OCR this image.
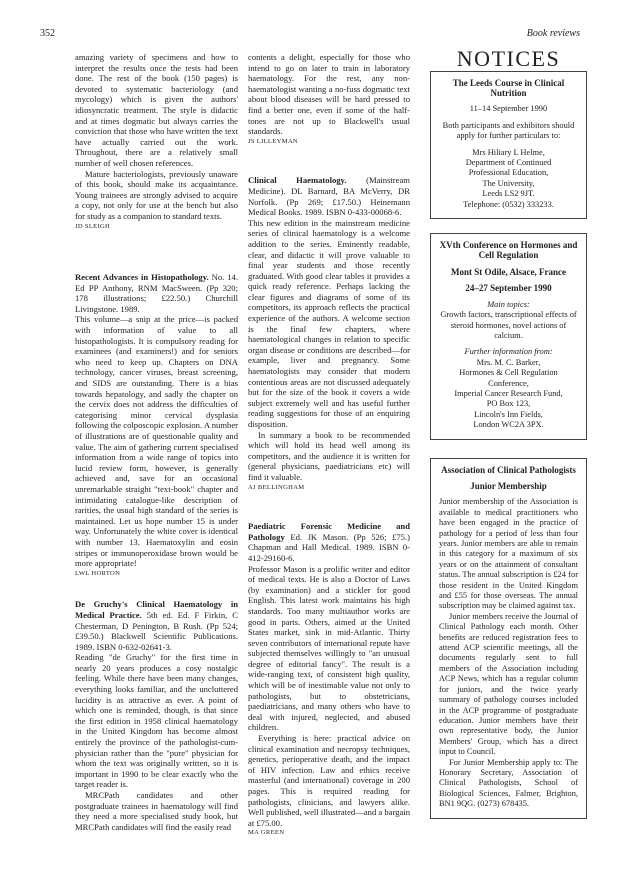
352	Book reviews

amazing variety of specimens and how to interpret the results once the tests had been done. The rest of the book (150 pages) is devoted to systematic bacteriology (and mycology) which is given the authors' idiosyncratic treatment. The style is didactic and at times dogmatic but always carries the conviction that those who have written the text have actually carried out the work. Throughout, there are a relatively small number of well chosen references.

Mature bacteriologists, previously unaware of this book, should make its acquaintance. Young trainees are strongly advised to acquire a copy, not only for use at the bench but also for study as a companion to standard texts.

JD SLEIGH

Recent Advances in Histopathology. No. 14. Ed PP Anthony, RNM MacSween. (Pp 320; 178 illustrations; £22.50.) Churchill Livingstone. 1989.

This volume—a snip at the price—is packed with information of value to all histopathologists. It is compulsory reading for examinees (and examiners!) and for seniors who need to keep up. Chapters on DNA technology, cancer viruses, breast screening, and SIDS are outstanding. There is a bias towards hepatology, and sadly the chapter on the cervix does not address the difficulties of categorising minor cervical dysplasia following the colposcopic explosion. A number of illustrations are of questionable quality and value. The aim of gathering current specialised information from a wide range of topics into lucid review form, however, is generally achieved and, save for an occasional unremarkable straight "text-book" chapter and intimidating catalogue-like description of rarities, the usual high standard of the series is maintained. Let us hope number 15 is under way. Unfortunately the white cover is identical with number 13. Haematoxylin and eosin stripes or immunoperoxidase brown would be more appropriate!

LWL HORTON

De Gruchy's Clinical Haematology in Medical Practice. 5th ed. Ed. F Firkin, C Chesterman, D Penington, B Rush. (Pp 524; £39.50.) Blackwell Scientific Publications. 1989. ISBN 0-632-02641-3.

Reading "de Gruchy" for the first time in nearly 20 years produces a cosy nostalgic feeling. While there have been many changes, everything looks familiar, and the uncluttered lucidity is as attractive as ever. A point of which one is reminded, though, is that since the first edition in 1958 clinical haematology in the United Kingdom has become almost entirely the province of the pathologist-cum-physician rather than the "pure" physician for whom the text was originally written, so it is important in 1990 to be clear exactly who the target reader is.

MRCPath candidates and other postgraduate trainees in haematology will find they need a more specialised study book, but MRCPath candidates will find the easily read

contents a delight, especially for those who intend to go on later to train in laboratory haematology. For the rest, any non-haematologist wanting a no-fuss dogmatic text about blood diseases will be hard pressed to find a better one, even if some of the half-tones are not up to Blackwell's usual standards.

JS LILLEYMAN

Clinical Haematology. (Mainstream Medicine). DL Barnard, BA McVerry, DR Norfolk. (Pp 269; £17.50.) Heinemann Medical Books. 1989. ISBN 0-433-00068-6.

This new edition in the mainstream medicine series of clinical haematology is a welcome addition to the series. Eminently readable, clear, and didactic it will prove valuable to final year students and those recently graduated. With good clear tables it provides a quick ready reference. Perhaps lacking the clear figures and diagrams of some of its competitors, its approach reflects the practical experience of the authors. A welcome section is the final few chapters, where haematological changes in relation to specific organ disease or conditions are described—for example, liver and pregnancy. Some haematologists may consider that modern contentious areas are not discussed adequately but for the size of the book it covers a wide subject extremely well and has useful further reading suggestions for those of an enquiring disposition.

In summary a book to be recommended which will hold its head well among its competitors, and the audience it is written for (general physicians, paediatricians etc) will find it valuable.

AJ BELLINGHAM

Paediatric Forensic Medicine and Pathology Ed. JK Mason. (Pp 526; £75.) Chapman and Hall Medical. 1989. ISBN 0-412-29160-6.

Professor Mason is a prolific writer and editor of medical texts. He is also a Doctor of Laws (by examination) and a stickler for good English. This latest work maintains his high standards. Too many multiauthor works are good in parts. Others, aimed at the United States market, sink in mid-Atlantic. Thirty seven contributors of international repute have subjected themselves willingly to "an unusual degree of editorial fancy". The result is a wide-ranging text, of consistent high quality, which will be of inestimable value not only to pathologists, but to obstetricians, paediatricians, and many others who have to deal with injured, neglected, and abused children.

Everything is here: practical advice on clinical examination and necropsy techniques, genetics, perioperative death, and the impact of HIV infection. Law and ethics receive masterful (and international) coverage in 200 pages. This is required reading for pathologists, clinicians, and lawyers alike. Well published, well illustrated—and a bargain at £75.00.

MA GREEN

NOTICES
The Leeds Course in Clinical Nutrition
11–14 September 1990
Both participants and exhibitors should apply for further particulars to:
Mrs Hiliary L Helme,
Department of Continued
Professional Education,
The University,
Leeds LS2 9JT.
Telephone: (0532) 333233.
XVth Conference on Hormones and Cell Regulation
Mont St Odile, Alsace, France
24–27 September 1990
Main topics:
Growth factors, transcriptional effects of steroid hormones, novel actions of calcium.
Further information from:
Mrs. M. C. Barker,
Hormones & Cell Regulation
Conference,
Imperial Cancer Research Fund,
PO Box 123,
Lincoln's Inn Fields,
London WC2A 3PX.
Association of Clinical Pathologists
Junior Membership

Junior membership of the Association is available to medical practitioners who have been engaged in the practice of pathology for a period of less than four years. Junior members are able to remain in this category for a maximum of six years or on the attainment of consultant status. The annual subscription is £24 for those resident in the United Kingdom and £55 for those overseas. The annual subscription may be claimed against tax.

Junior members receive the Journal of Clinical Pathology each month. Other benefits are reduced registration fees to attend ACP scientific meetings, all the documents regularly sent to full members of the Association including ACP News, which has a regular column for juniors, and the twice yearly summary of pathology courses included in the ACP programme of postgraduate education. Junior members have their own representative body, the Junior Members' Group, which has a direct input to Council.

For Junior Membership apply to: The Honorary Secretary, Association of Clinical Pathologists, School of Biological Sciences, Falmer, Brighton, BN1 9QG. (0273) 678435.
